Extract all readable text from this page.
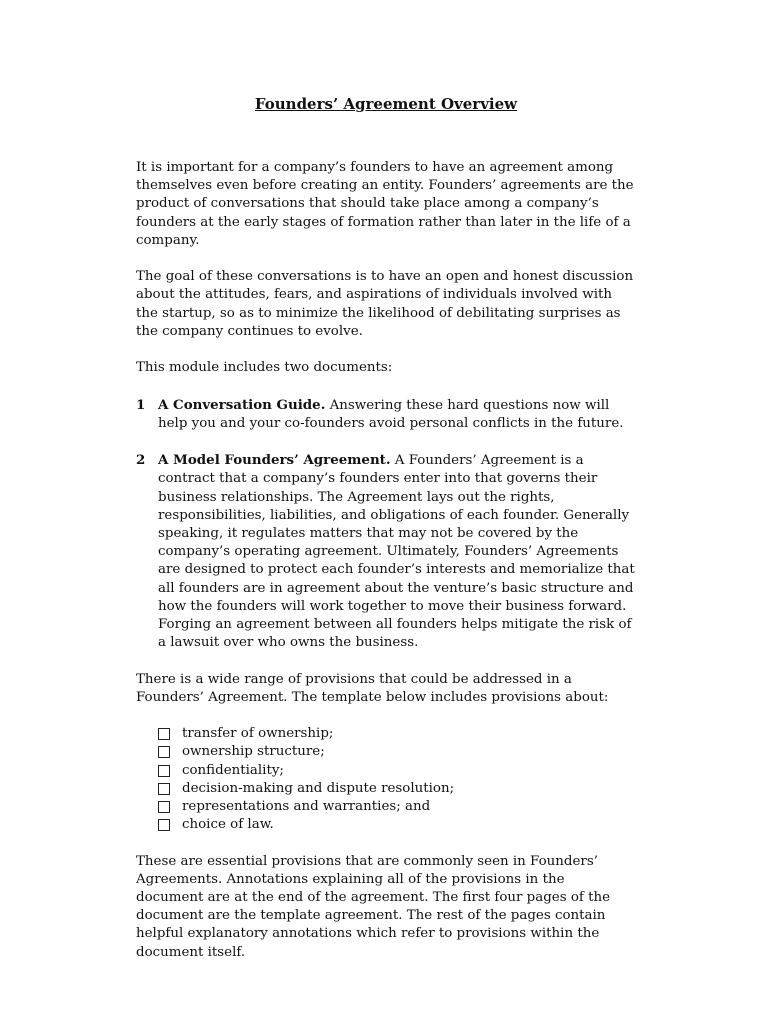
Founders’ Agreement Overview

It is important for a company’s founders to have an agreement among themselves even before creating an entity. Founders’ agreements are the product of conversations that should take place among a company’s founders at the early stages of formation rather than later in the life of a company.

The goal of these conversations is to have an open and honest discussion about the attitudes, fears, and aspirations of individuals involved with the startup, so as to minimize the likelihood of debilitating surprises as the company continues to evolve.

This module includes two documents:

1 A Conversation Guide. Answering these hard questions now will help you and your co-founders avoid personal conflicts in the future.
2 A Model Founders’ Agreement. A Founders’ Agreement is a contract that a company’s founders enter into that governs their business relationships. The Agreement lays out the rights, responsibilities, liabilities, and obligations of each founder. Generally speaking, it regulates matters that may not be covered by the company’s operating agreement. Ultimately, Founders’ Agreements are designed to protect each founder’s interests and memorialize that all founders are in agreement about the venture’s basic structure and how the founders will work together to move their business forward. Forging an agreement between all founders helps mitigate the risk of a lawsuit over who owns the business.

There is a wide range of provisions that could be addressed in a Founders’ Agreement. The template below includes provisions about:

transfer of ownership;
ownership structure;
confidentiality;
decision-making and dispute resolution;
representations and warranties; and
choice of law.

These are essential provisions that are commonly seen in Founders’ Agreements. Annotations explaining all of the provisions in the document are at the end of the agreement. The first four pages of the document are the template agreement. The rest of the pages contain helpful explanatory annotations which refer to provisions within the document itself.
